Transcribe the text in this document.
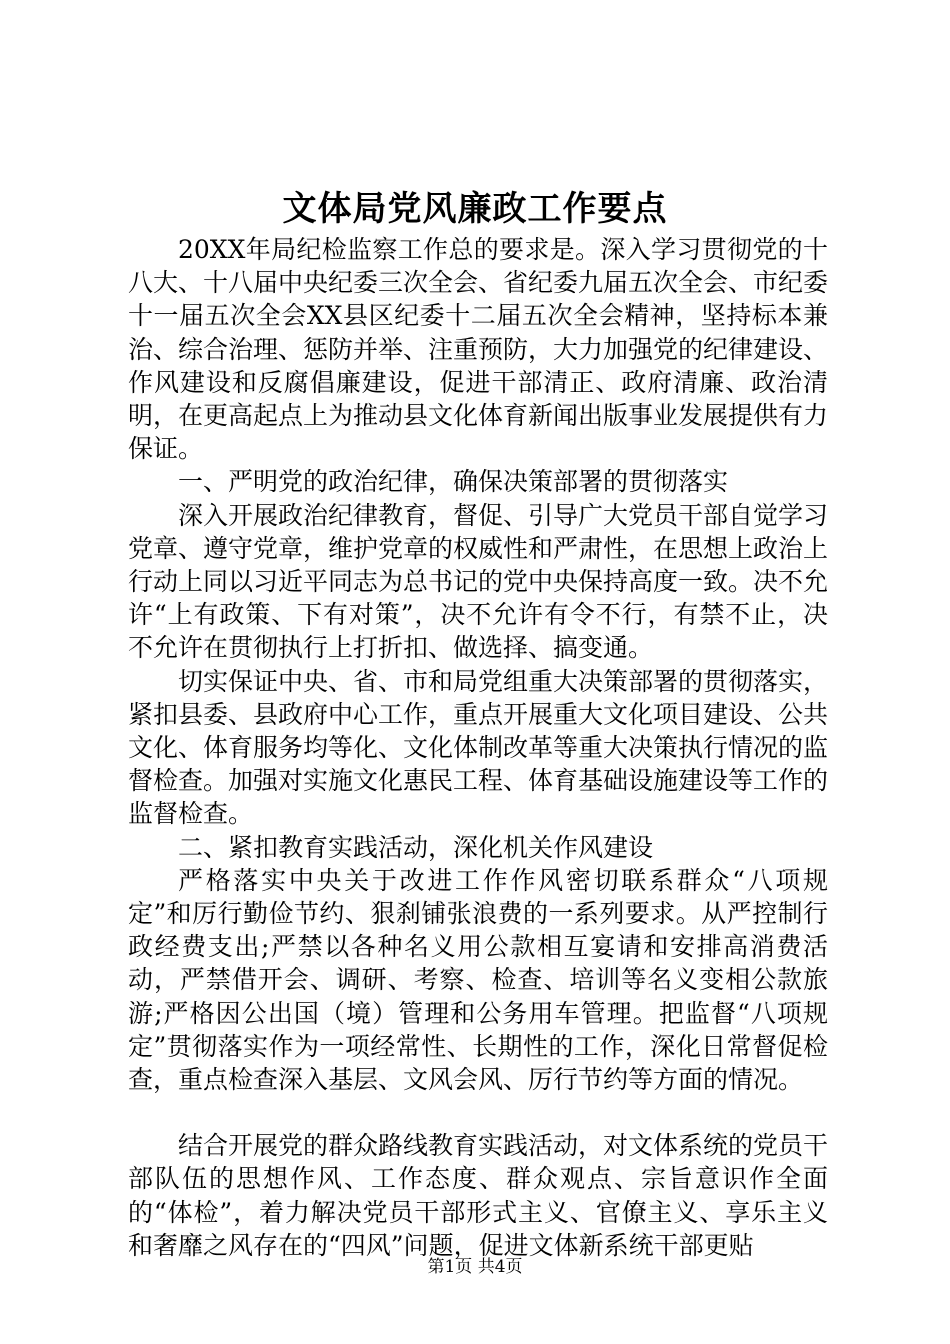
文体局党风廉政工作要点

20XX年局纪检监察工作总的要求是。深入学习贯彻党的十八大、十八届中央纪委三次全会、省纪委九届五次全会、市纪委十一届五次全会XX县区纪委十二届五次全会精神，坚持标本兼治、综合治理、惩防并举、注重预防，大力加强党的纪律建设、作风建设和反腐倡廉建设，促进干部清正、政府清廉、政治清明，在更高起点上为推动县文化体育新闻出版事业发展提供有力保证。

一、严明党的政治纪律，确保决策部署的贯彻落实

深入开展政治纪律教育，督促、引导广大党员干部自觉学习党章、遵守党章，维护党章的权威性和严肃性，在思想上政治上行动上同以习近平同志为总书记的党中央保持高度一致。决不允许“上有政策、下有对策”，决不允许有令不行，有禁不止，决不允许在贯彻执行上打折扣、做选择、搞变通。

切实保证中央、省、市和局党组重大决策部署的贯彻落实，紧扣县委、县政府中心工作，重点开展重大文化项目建设、公共文化、体育服务均等化、文化体制改革等重大决策执行情况的监督检查。加强对实施文化惠民工程、体育基础设施建设等工作的监督检查。

二、紧扣教育实践活动，深化机关作风建设

严格落实中央关于改进工作作风密切联系群众“八项规定”和厉行勤俭节约、狠刹铺张浪费的一系列要求。从严控制行政经费支出;严禁以各种名义用公款相互宴请和安排高消费活动，严禁借开会、调研、考察、检查、培训等名义变相公款旅游;严格因公出国（境）管理和公务用车管理。把监督“八项规定”贯彻落实作为一项经常性、长期性的工作，深化日常督促检查，重点检查深入基层、文风会风、厉行节约等方面的情况。

结合开展党的群众路线教育实践活动，对文体系统的党员干部队伍的思想作风、工作态度、群众观点、宗旨意识作全面的“体检”，着力解决党员干部形式主义、官僚主义、享乐主义和奢靡之风存在的“四风”问题，促进文体新系统干部更贴

第1页 共4页
